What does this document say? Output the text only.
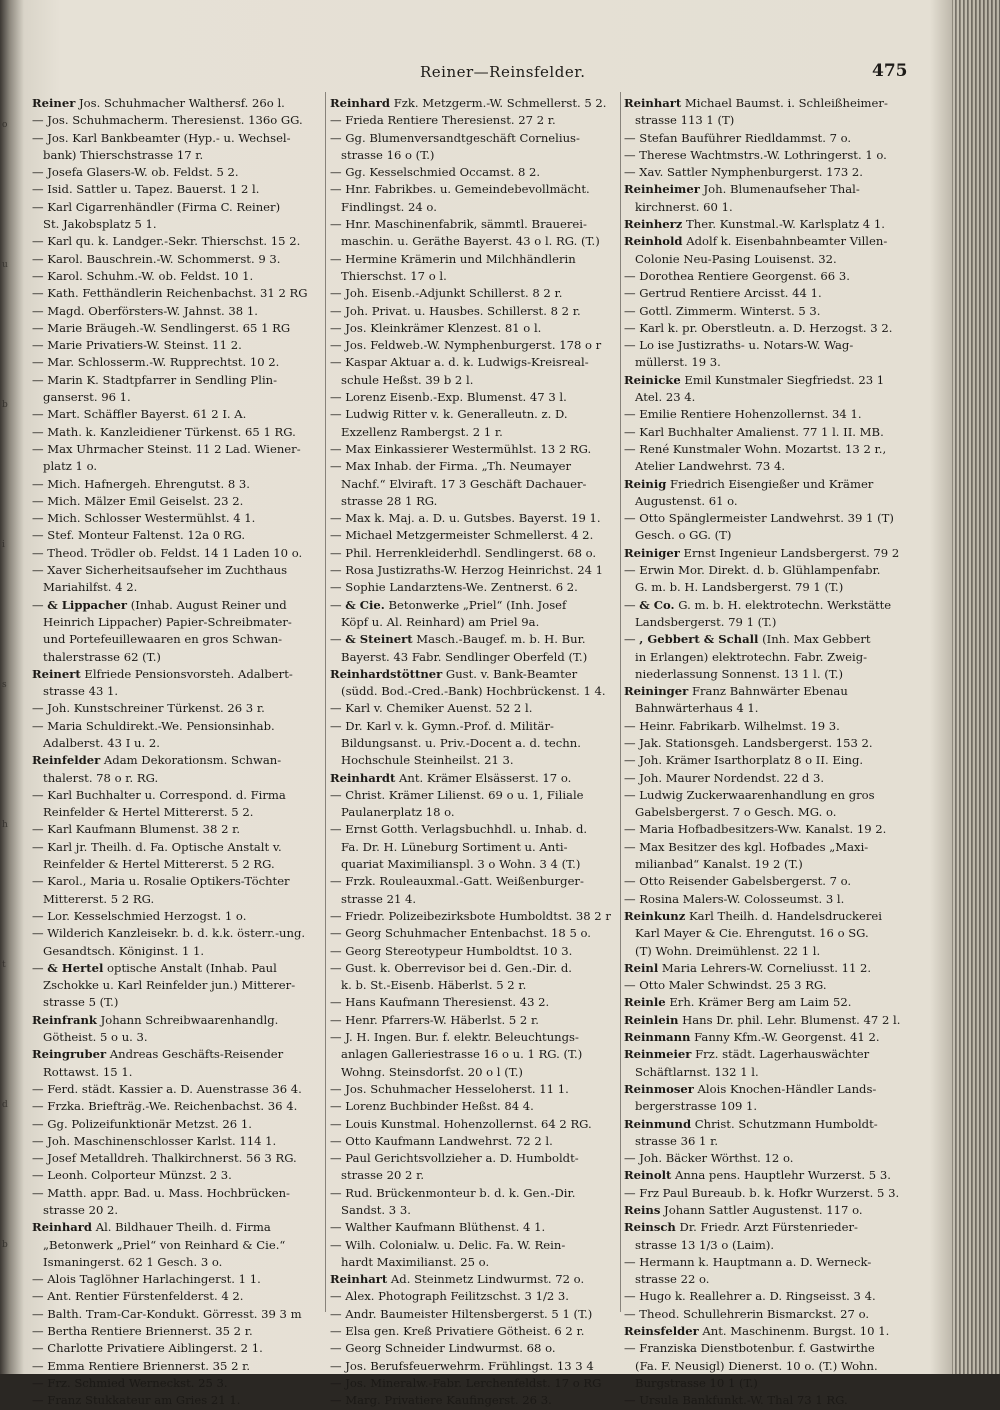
o
u
b
i
s
h
t
d
b
Reiner—Reinsfelder.	475
Reiner Jos. Schuhmacher Walthersf. 26o l.
— Jos. Schuhmacherm. Theresienst. 136o GG.
— Jos. Karl Bankbeamter (Hyp.- u. Wechsel-
bank) Thierschstrasse 17 r.
— Josefa Glasers-W. ob. Feldst. 5 2.
— Isid. Sattler u. Tapez. Bauerst. 1 2 l.
— Karl Cigarrenhändler (Firma C. Reiner)
St. Jakobsplatz 5 1.
— Karl qu. k. Landger.-Sekr. Thierschst. 15 2.
— Karol. Bauschrein.-W. Schommerst. 9 3.
— Karol. Schuhm.-W. ob. Feldst. 10 1.
— Kath. Fetthändlerin Reichenbachst. 31 2 RG
— Magd. Oberförsters-W. Jahnst. 38 1.
— Marie Bräugeh.-W. Sendlingerst. 65 1 RG
— Marie Privatiers-W. Steinst. 11 2.
— Mar. Schlosserm.-W. Rupprechtst. 10 2.
— Marin K. Stadtpfarrer in Sendling Plin-
ganserst. 96 1.
— Mart. Schäffler Bayerst. 61 2 I. A.
— Math. k. Kanzleidiener Türkenst. 65 1 RG.
— Max Uhrmacher Steinst. 11 2 Lad. Wiener-
platz 1 o.
— Mich. Hafnergeh. Ehrengutst. 8 3.
— Mich. Mälzer Emil Geiselst. 23 2.
— Mich. Schlosser Westermühlst. 4 1.
— Stef. Monteur Faltenst. 12a 0 RG.
— Theod. Trödler ob. Feldst. 14 1 Laden 10 o.
— Xaver Sicherheitsaufseher im Zuchthaus
Mariahilfst. 4 2.
— & Lippacher (Inhab. August Reiner und
Heinrich Lippacher) Papier-Schreibmater-
und Portefeuillewaaren en gros Schwan-
thalerstrasse 62 (T.)
Reinert Elfriede Pensionsvorsteh. Adalbert-
strasse 43 1.
— Joh. Kunstschreiner Türkenst. 26 3 r.
— Maria Schuldirekt.-We. Pensionsinhab.
Adalberst. 43 I u. 2.
Reinfelder Adam Dekorationsm. Schwan-
thalerst. 78 o r. RG.
— Karl Buchhalter u. Correspond. d. Firma
Reinfelder & Hertel Mittererst. 5 2.
— Karl Kaufmann Blumenst. 38 2 r.
— Karl jr. Theilh. d. Fa. Optische Anstalt v.
Reinfelder & Hertel Mittererst. 5 2 RG.
— Karol., Maria u. Rosalie Optikers-Töchter
Mittererst. 5 2 RG.
— Lor. Kesselschmied Herzogst. 1 o.
— Wilderich Kanzleisekr. b. d. k.k. österr.-ung.
Gesandtsch. Königinst. 1 1.
— & Hertel optische Anstalt (Inhab. Paul
Zschokke u. Karl Reinfelder jun.) Mitterer-
strasse 5 (T.)
Reinfrank Johann Schreibwaarenhandlg.
Götheist. 5 o u. 3.
Reingruber Andreas Geschäfts-Reisender
Rottawst. 15 1.
— Ferd. städt. Kassier a. D. Auenstrasse 36 4.
— Frzka. Briefträg.-We. Reichenbachst. 36 4.
— Gg. Polizeifunktionär Metzst. 26 1.
— Joh. Maschinenschlosser Karlst. 114 1.
— Josef Metalldreh. Thalkirchnerst. 56 3 RG.
— Leonh. Colporteur Münzst. 2 3.
— Matth. appr. Bad. u. Mass. Hochbrücken-
strasse 20 2.
Reinhard Al. Bildhauer Theilh. d. Firma
„Betonwerk „Priel“ von Reinhard & Cie.“
Ismaningerst. 62 1 Gesch. 3 o.
— Alois Taglöhner Harlachingerst. 1 1.
— Ant. Rentier Fürstenfelderst. 4 2.
— Balth. Tram-Car-Kondukt. Görresst. 39 3 m
— Bertha Rentiere Briennerst. 35 2 r.
— Charlotte Privatiere Aiblingerst. 2 1.
— Emma Rentiere Briennerst. 35 2 r.
— Frz. Schmied Werneckst. 25 3.
— Franz Stukkateur am Gries 21 1.
Reinhard Fzk. Metzgerm.-W. Schmellerst. 5 2.
— Frieda Rentiere Theresienst. 27 2 r.
— Gg. Blumenversandtgeschäft Cornelius-
strasse 16 o (T.)
— Gg. Kesselschmied Occamst. 8 2.
— Hnr. Fabrikbes. u. Gemeindebevollmächt.
Findlingst. 24 o.
— Hnr. Maschinenfabrik, sämmtl. Brauerei-
maschin. u. Geräthe Bayerst. 43 o l. RG. (T.)
— Hermine Krämerin und Milchhändlerin
Thierschst. 17 o l.
— Joh. Eisenb.-Adjunkt Schillerst. 8 2 r.
— Joh. Privat. u. Hausbes. Schillerst. 8 2 r.
— Jos. Kleinkrämer Klenzest. 81 o l.
— Jos. Feldweb.-W. Nymphenburgerst. 178 o r
— Kaspar Aktuar a. d. k. Ludwigs-Kreisreal-
schule Heßst. 39 b 2 l.
— Lorenz Eisenb.-Exp. Blumenst. 47 3 l.
— Ludwig Ritter v. k. Generalleutn. z. D.
Exzellenz Rambergst. 2 1 r.
— Max Einkassierer Westermühlst. 13 2 RG.
— Max Inhab. der Firma. „Th. Neumayer
Nachf.“ Elviraft. 17 3 Geschäft Dachauer-
strasse 28 1 RG.
— Max k. Maj. a. D. u. Gutsbes. Bayerst. 19 1.
— Michael Metzgermeister Schmellerst. 4 2.
— Phil. Herrenkleiderhdl. Sendlingerst. 68 o.
— Rosa Justizraths-W. Herzog Heinrichst. 24 1
— Sophie Landarztens-We. Zentnerst. 6 2.
— & Cie. Betonwerke „Priel“ (Inh. Josef
Köpf u. Al. Reinhard) am Priel 9a.
— & Steinert Masch.-Baugef. m. b. H. Bur.
Bayerst. 43 Fabr. Sendlinger Oberfeld (T.)
Reinhardstöttner Gust. v. Bank-Beamter
(südd. Bod.-Cred.-Bank) Hochbrückenst. 1 4.
— Karl v. Chemiker Auenst. 52 2 l.
— Dr. Karl v. k. Gymn.-Prof. d. Militär-
Bildungsanst. u. Priv.-Docent a. d. techn.
Hochschule Steinheilst. 21 3.
Reinhardt Ant. Krämer Elsässerst. 17 o.
— Christ. Krämer Lilienst. 69 o u. 1, Filiale
Paulanerplatz 18 o.
— Ernst Gotth. Verlagsbuchhdl. u. Inhab. d.
Fa. Dr. H. Lüneburg Sortiment u. Anti-
quariat Maximilianspl. 3 o Wohn. 3 4 (T.)
— Frzk. Rouleauxmal.-Gatt. Weißenburger-
strasse 21 4.
— Friedr. Polizeibezirksbote Humboldtst. 38 2 r
— Georg Schuhmacher Entenbachst. 18 5 o.
— Georg Stereotypeur Humboldtst. 10 3.
— Gust. k. Oberrevisor bei d. Gen.-Dir. d.
k. b. St.-Eisenb. Häberlst. 5 2 r.
— Hans Kaufmann Theresienst. 43 2.
— Henr. Pfarrers-W. Häberlst. 5 2 r.
— J. H. Ingen. Bur. f. elektr. Beleuchtungs-
anlagen Galleriestrasse 16 o u. 1 RG. (T.)
Wohng. Steinsdorfst. 20 o l (T.)
— Jos. Schuhmacher Hesseloherst. 11 1.
— Lorenz Buchbinder Heßst. 84 4.
— Louis Kunstmal. Hohenzollernst. 64 2 RG.
— Otto Kaufmann Landwehrst. 72 2 l.
— Paul Gerichtsvollzieher a. D. Humboldt-
strasse 20 2 r.
— Rud. Brückenmonteur b. d. k. Gen.-Dir.
Sandst. 3 3.
— Walther Kaufmann Blüthenst. 4 1.
— Wilh. Colonialw. u. Delic. Fa. W. Rein-
hardt Maximilianst. 25 o.
Reinhart Ad. Steinmetz Lindwurmst. 72 o.
— Alex. Photograph Feilitzschst. 3 1/2 3.
— Andr. Baumeister Hiltensbergerst. 5 1 (T.)
— Elsa gen. Kreß Privatiere Götheist. 6 2 r.
— Georg Schneider Lindwurmst. 68 o.
— Jos. Berufsfeuerwehrm. Frühlingst. 13 3 4
— Jos. Mineralw.-Fabr. Lerchenfeldst. 17 o RG
— Marg. Privatiere Kaufingerst. 26 3.
Reinhart Michael Baumst. i. Schleißheimer-
strasse 113 1 (T)
— Stefan Bauführer Riedldammst. 7 o.
— Therese Wachtmstrs.-W. Lothringerst. 1 o.
— Xav. Sattler Nymphenburgerst. 173 2.
Reinheimer Joh. Blumenaufseher Thal-
kirchnerst. 60 1.
Reinherz Ther. Kunstmal.-W. Karlsplatz 4 1.
Reinhold Adolf k. Eisenbahnbeamter Villen-
Colonie Neu-Pasing Louisenst. 32.
— Dorothea Rentiere Georgenst. 66 3.
— Gertrud Rentiere Arcisst. 44 1.
— Gottl. Zimmerm. Winterst. 5 3.
— Karl k. pr. Oberstleutn. a. D. Herzogst. 3 2.
— Lo ise Justizraths- u. Notars-W. Wag-
müllerst. 19 3.
Reinicke Emil Kunstmaler Siegfriedst. 23 1
Atel. 23 4.
— Emilie Rentiere Hohenzollernst. 34 1.
— Karl Buchhalter Amalienst. 77 1 l. II. MB.
— René Kunstmaler Wohn. Mozartst. 13 2 r.,
Atelier Landwehrst. 73 4.
Reinig Friedrich Eisengießer und Krämer
Augustenst. 61 o.
— Otto Spänglermeister Landwehrst. 39 1 (T)
Gesch. o GG. (T)
Reiniger Ernst Ingenieur Landsbergerst. 79 2
— Erwin Mor. Direkt. d. b. Glühlampenfabr.
G. m. b. H. Landsbergerst. 79 1 (T.)
— & Co. G. m. b. H. elektrotechn. Werkstätte
Landsbergerst. 79 1 (T.)
— , Gebbert & Schall (Inh. Max Gebbert
in Erlangen) elektrotechn. Fabr. Zweig-
niederlassung Sonnenst. 13 1 l. (T.)
Reininger Franz Bahnwärter Ebenau
Bahnwärterhaus 4 1.
— Heinr. Fabrikarb. Wilhelmst. 19 3.
— Jak. Stationsgeh. Landsbergerst. 153 2.
— Joh. Krämer Isarthorplatz 8 o II. Eing.
— Joh. Maurer Nordendst. 22 d 3.
— Ludwig Zuckerwaarenhandlung en gros
Gabelsbergerst. 7 o Gesch. MG. o.
— Maria Hofbadbesitzers-Ww. Kanalst. 19 2.
— Max Besitzer des kgl. Hofbades „Maxi-
milianbad“ Kanalst. 19 2 (T.)
— Otto Reisender Gabelsbergerst. 7 o.
— Rosina Malers-W. Colosseumst. 3 l.
Reinkunz Karl Theilh. d. Handelsdruckerei
Karl Mayer & Cie. Ehrengutst. 16 o SG.
(T) Wohn. Dreimühlenst. 22 1 l.
Reinl Maria Lehrers-W. Corneliusst. 11 2.
— Otto Maler Schwindst. 25 3 RG.
Reinle Erh. Krämer Berg am Laim 52.
Reinlein Hans Dr. phil. Lehr. Blumenst. 47 2 l.
Reinmann Fanny Kfm.-W. Georgenst. 41 2.
Reinmeier Frz. städt. Lagerhauswächter
Schäftlarnst. 132 1 l.
Reinmoser Alois Knochen-Händler Lands-
bergerstrasse 109 1.
Reinmund Christ. Schutzmann Humboldt-
strasse 36 1 r.
— Joh. Bäcker Wörthst. 12 o.
Reinolt Anna pens. Hauptlehr Wurzerst. 5 3.
— Frz Paul Bureaub. b. k. Hofkr Wurzerst. 5 3.
Reins Johann Sattler Augustenst. 117 o.
Reinsch Dr. Friedr. Arzt Fürstenrieder-
strasse 13 1/3 o (Laim).
— Hermann k. Hauptmann a. D. Werneck-
strasse 22 o.
— Hugo k. Reallehrer a. D. Ringseisst. 3 4.
— Theod. Schullehrerin Bismarckst. 27 o.
Reinsfelder Ant. Maschinenm. Burgst. 10 1.
— Franziska Dienstbotenbur. f. Gastwirthe
(Fa. F. Neusigl) Dienerst. 10 o. (T.) Wohn.
Burgstrasse 10 1 (T.)
— Ursula Bankfunkt.-W. Thal 73 1 RG.
